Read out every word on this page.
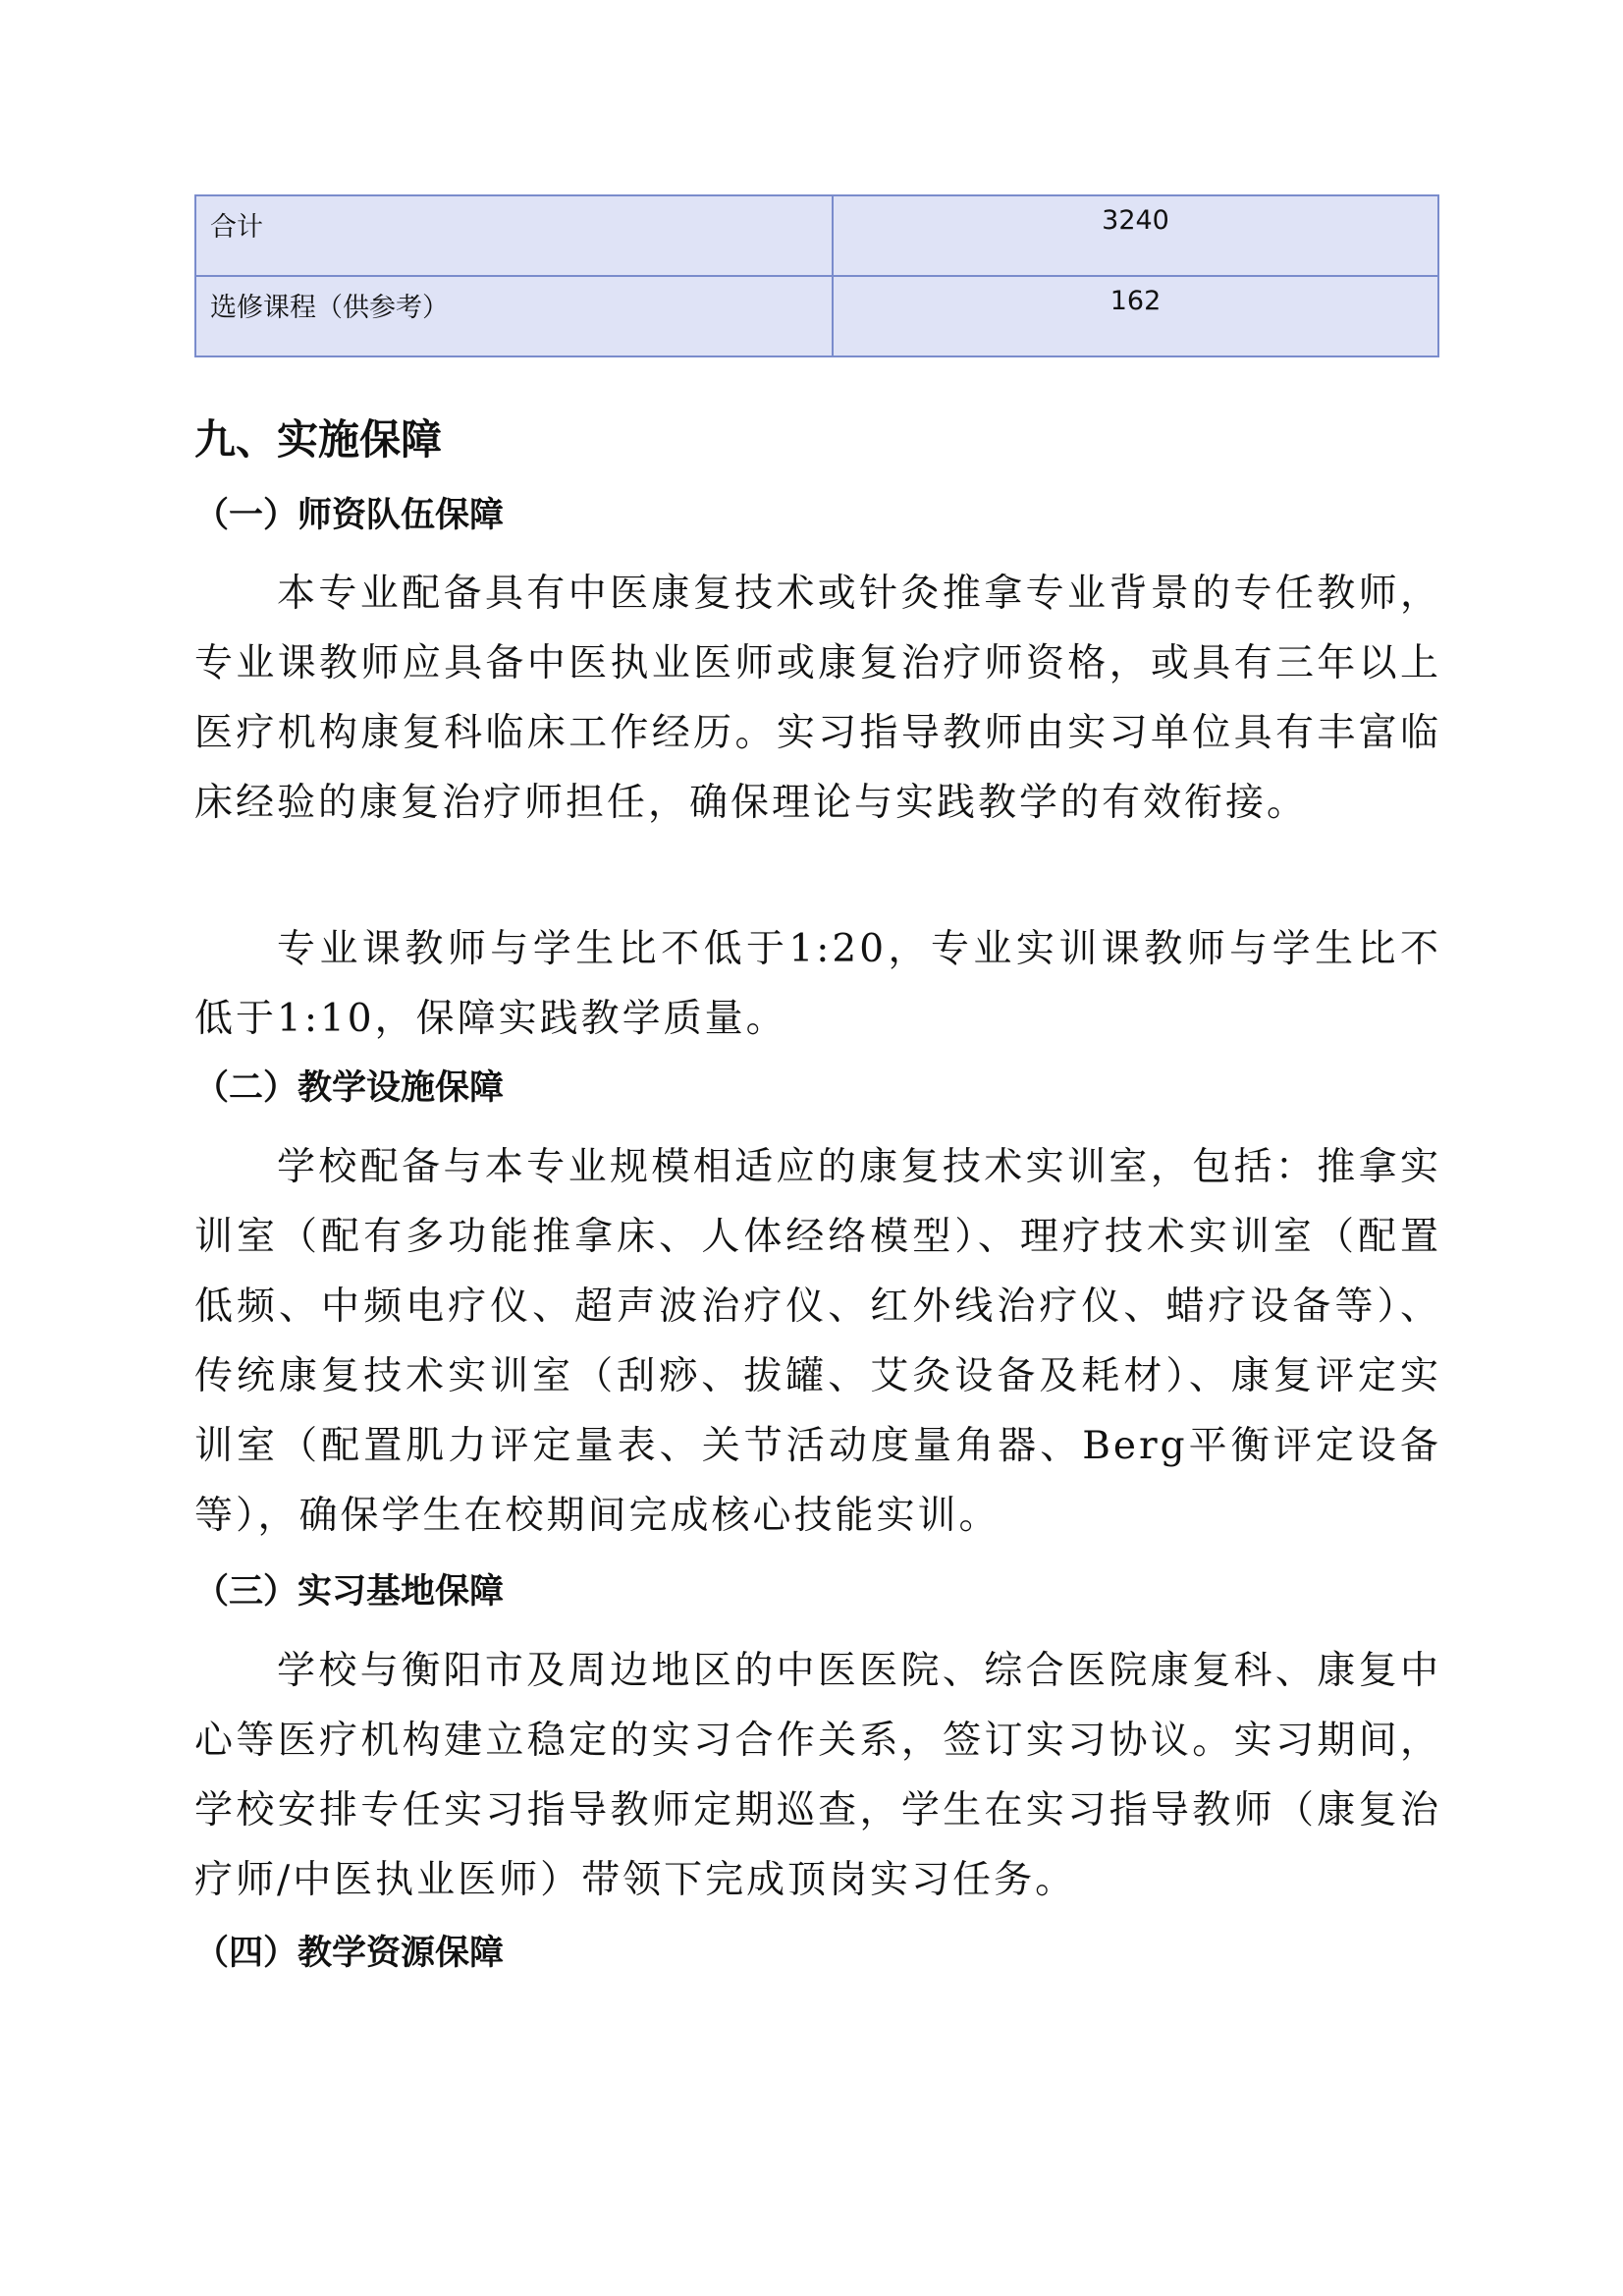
合计	3240
选修课程（供参考）	162
九、实施保障
（一）师资队伍保障

本专业配备具有中医康复技术或针灸推拿专业背景的专任教师，专业课教师应具备中医执业医师或康复治疗师资格，或具有三年以上医疗机构康复科临床工作经历。实习指导教师由实习单位具有丰富临床经验的康复治疗师担任，确保理论与实践教学的有效衔接。

专业课教师与学生比不低于1:20，专业实训课教师与学生比不低于1:10，保障实践教学质量。

（二）教学设施保障

学校配备与本专业规模相适应的康复技术实训室，包括：推拿实训室（配有多功能推拿床、人体经络模型）、理疗技术实训室（配置低频、中频电疗仪、超声波治疗仪、红外线治疗仪、蜡疗设备等）、传统康复技术实训室（刮痧、拔罐、艾灸设备及耗材）、康复评定实训室（配置肌力评定量表、关节活动度量角器、Berg平衡评定设备等），确保学生在校期间完成核心技能实训。

（三）实习基地保障

学校与衡阳市及周边地区的中医医院、综合医院康复科、康复中心等医疗机构建立稳定的实习合作关系，签订实习协议。实习期间，学校安排专任实习指导教师定期巡查，学生在实习指导教师（康复治疗师/中医执业医师）带领下完成顶岗实习任务。

（四）教学资源保障
